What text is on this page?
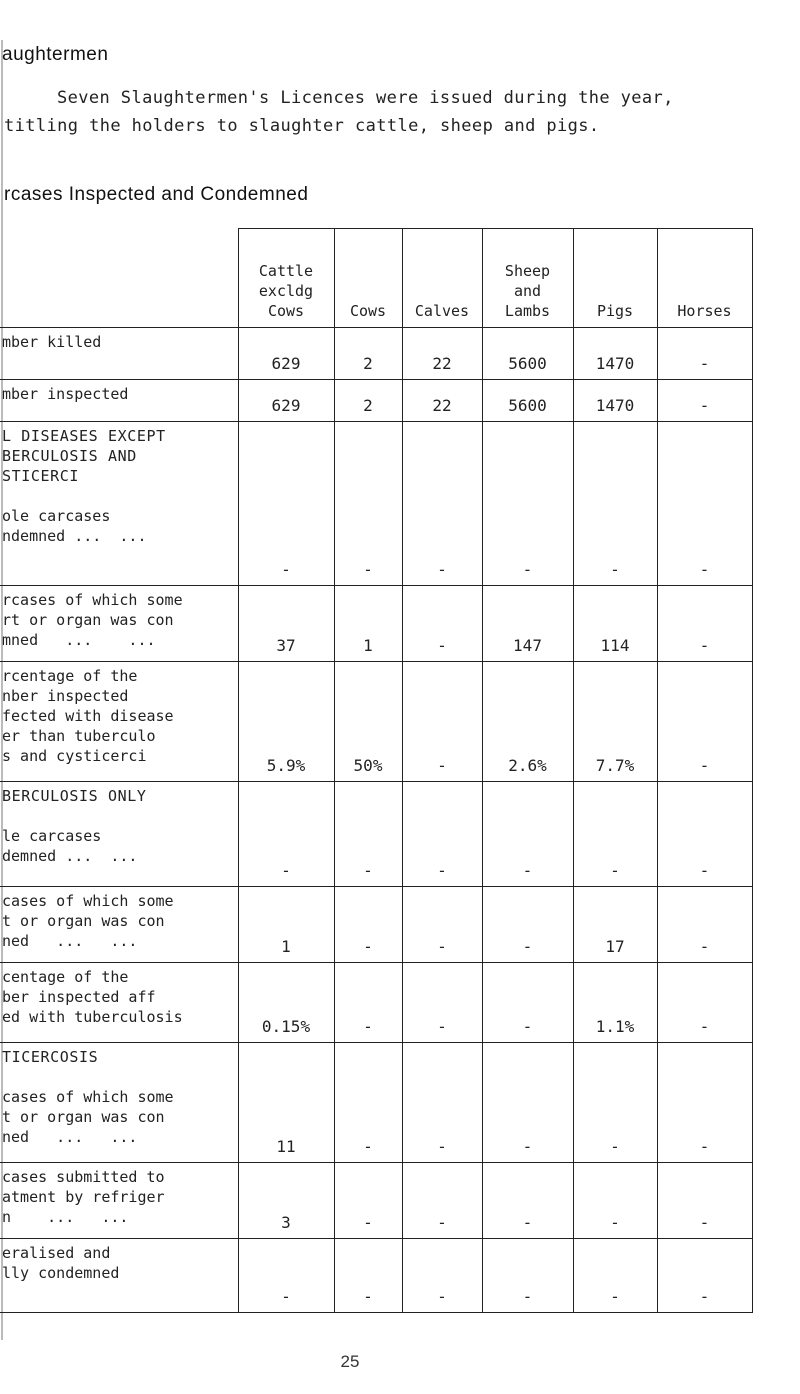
aughtermen
Seven Slaughtermen's Licences were issued during the year,
titling the holders to slaughter cattle, sheep and pigs.
rcases Inspected and Condemned
	Cattle
excldg
Cows	Cows	Calves	Sheep
and
Lambs	Pigs	Horses
mber killed	629	2	22	5600	1470	-
mber inspected	629	2	22	5600	1470	-

L DISEASES EXCEPT
BERCULOSIS AND
STICERCI
ole carcases
ndemned ...  ...	-	-	-	-	-	-
rcases of which some
rt or organ was con
mned   ...    ...	37	1	-	147	114	-
rcentage of the
nber inspected
fected with disease
er than tuberculo
s and cysticerci	5.9%	50%	-	2.6%	7.7%	-

BERCULOSIS ONLY
le carcases
demned ...  ...	-	-	-	-	-	-
cases of which some
t or organ was con
ned   ...   ...	1	-	-	-	17	-
centage of the
ber inspected aff
ed with tuberculosis	0.15%	-	-	-	1.1%	-

TICERCOSIS
cases of which some
t or organ was con
ned   ...   ...	11	-	-	-	-	-
cases submitted to
atment by refriger
n    ...   ...	3	-	-	-	-	-
eralised and
lly condemned	-	-	-	-	-	-
25
